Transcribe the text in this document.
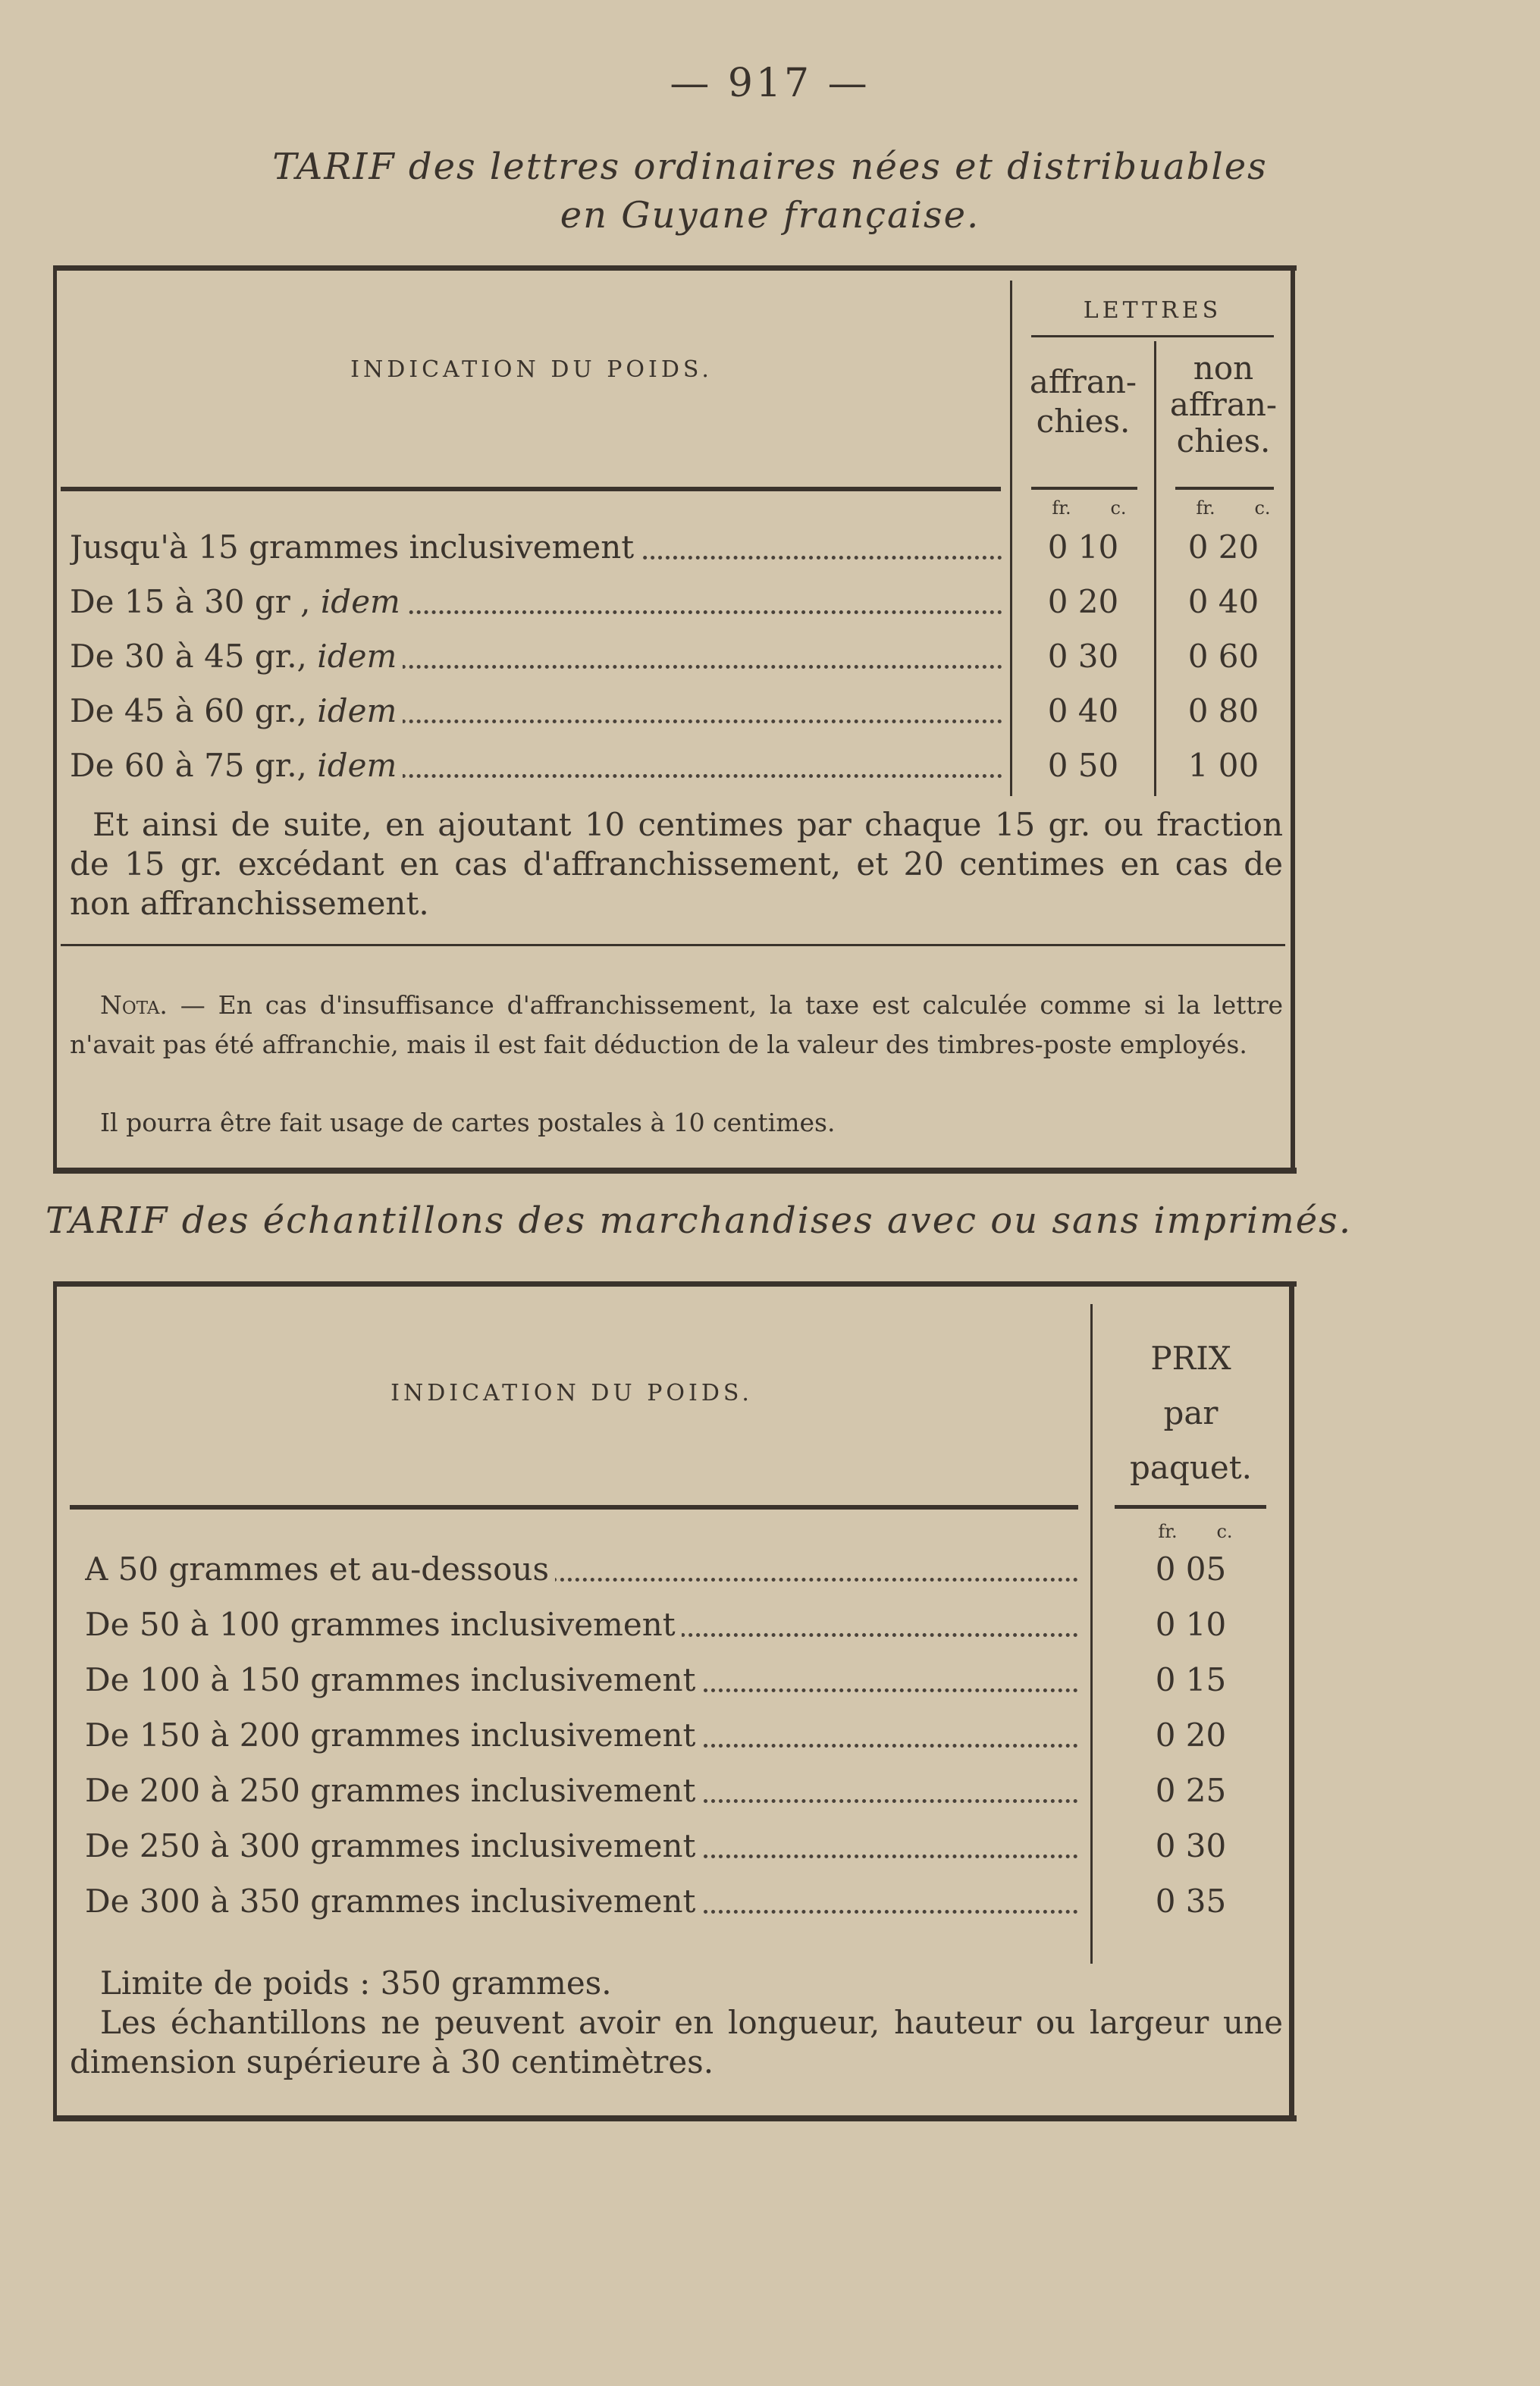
— 917 —
TARIF des lettres ordinaires nées et distribuables
en Guyane française.
INDICATION DU POIDS.
LETTRES
affran-
chies.
non
affran-
chies.
fr.	c.	fr.	c.
Jusqu'à 15 grammes inclusivement	0 10	0 20
De 15 à 30 gr , idem	0 20	0 40
De 30 à 45 gr., idem	0 30	0 60
De 45 à 60 gr., idem	0 40	0 80
De 60 à 75 gr., idem	0 50	1 00
Et ainsi de suite, en ajoutant 10 centimes par chaque 15 gr. ou fraction de 15 gr. excédant en cas d'affranchissement, et 20 centimes en cas de non affranchissement.
Nota. — En cas d'insuffisance d'affranchissement, la taxe est calculée comme si la lettre n'avait pas été affranchie, mais il est fait déduction de la valeur des timbres-poste employés.
Il pourra être fait usage de cartes postales à 10 centimes.
TARIF des échantillons des marchandises avec ou sans imprimés.
INDICATION DU POIDS.
PRIX
par
paquet.
fr.	c.
A 50 grammes et au-dessous	0 05
De 50 à 100 grammes inclusivement	0 10
De 100 à 150 grammes inclusivement	0 15
De 150 à 200 grammes inclusivement	0 20
De 200 à 250 grammes inclusivement	0 25
De 250 à 300 grammes inclusivement	0 30
De 300 à 350 grammes inclusivement	0 35
Limite de poids : 350 grammes.
Les échantillons ne peuvent avoir en longueur, hauteur ou largeur une dimension supérieure à 30 centimètres.
